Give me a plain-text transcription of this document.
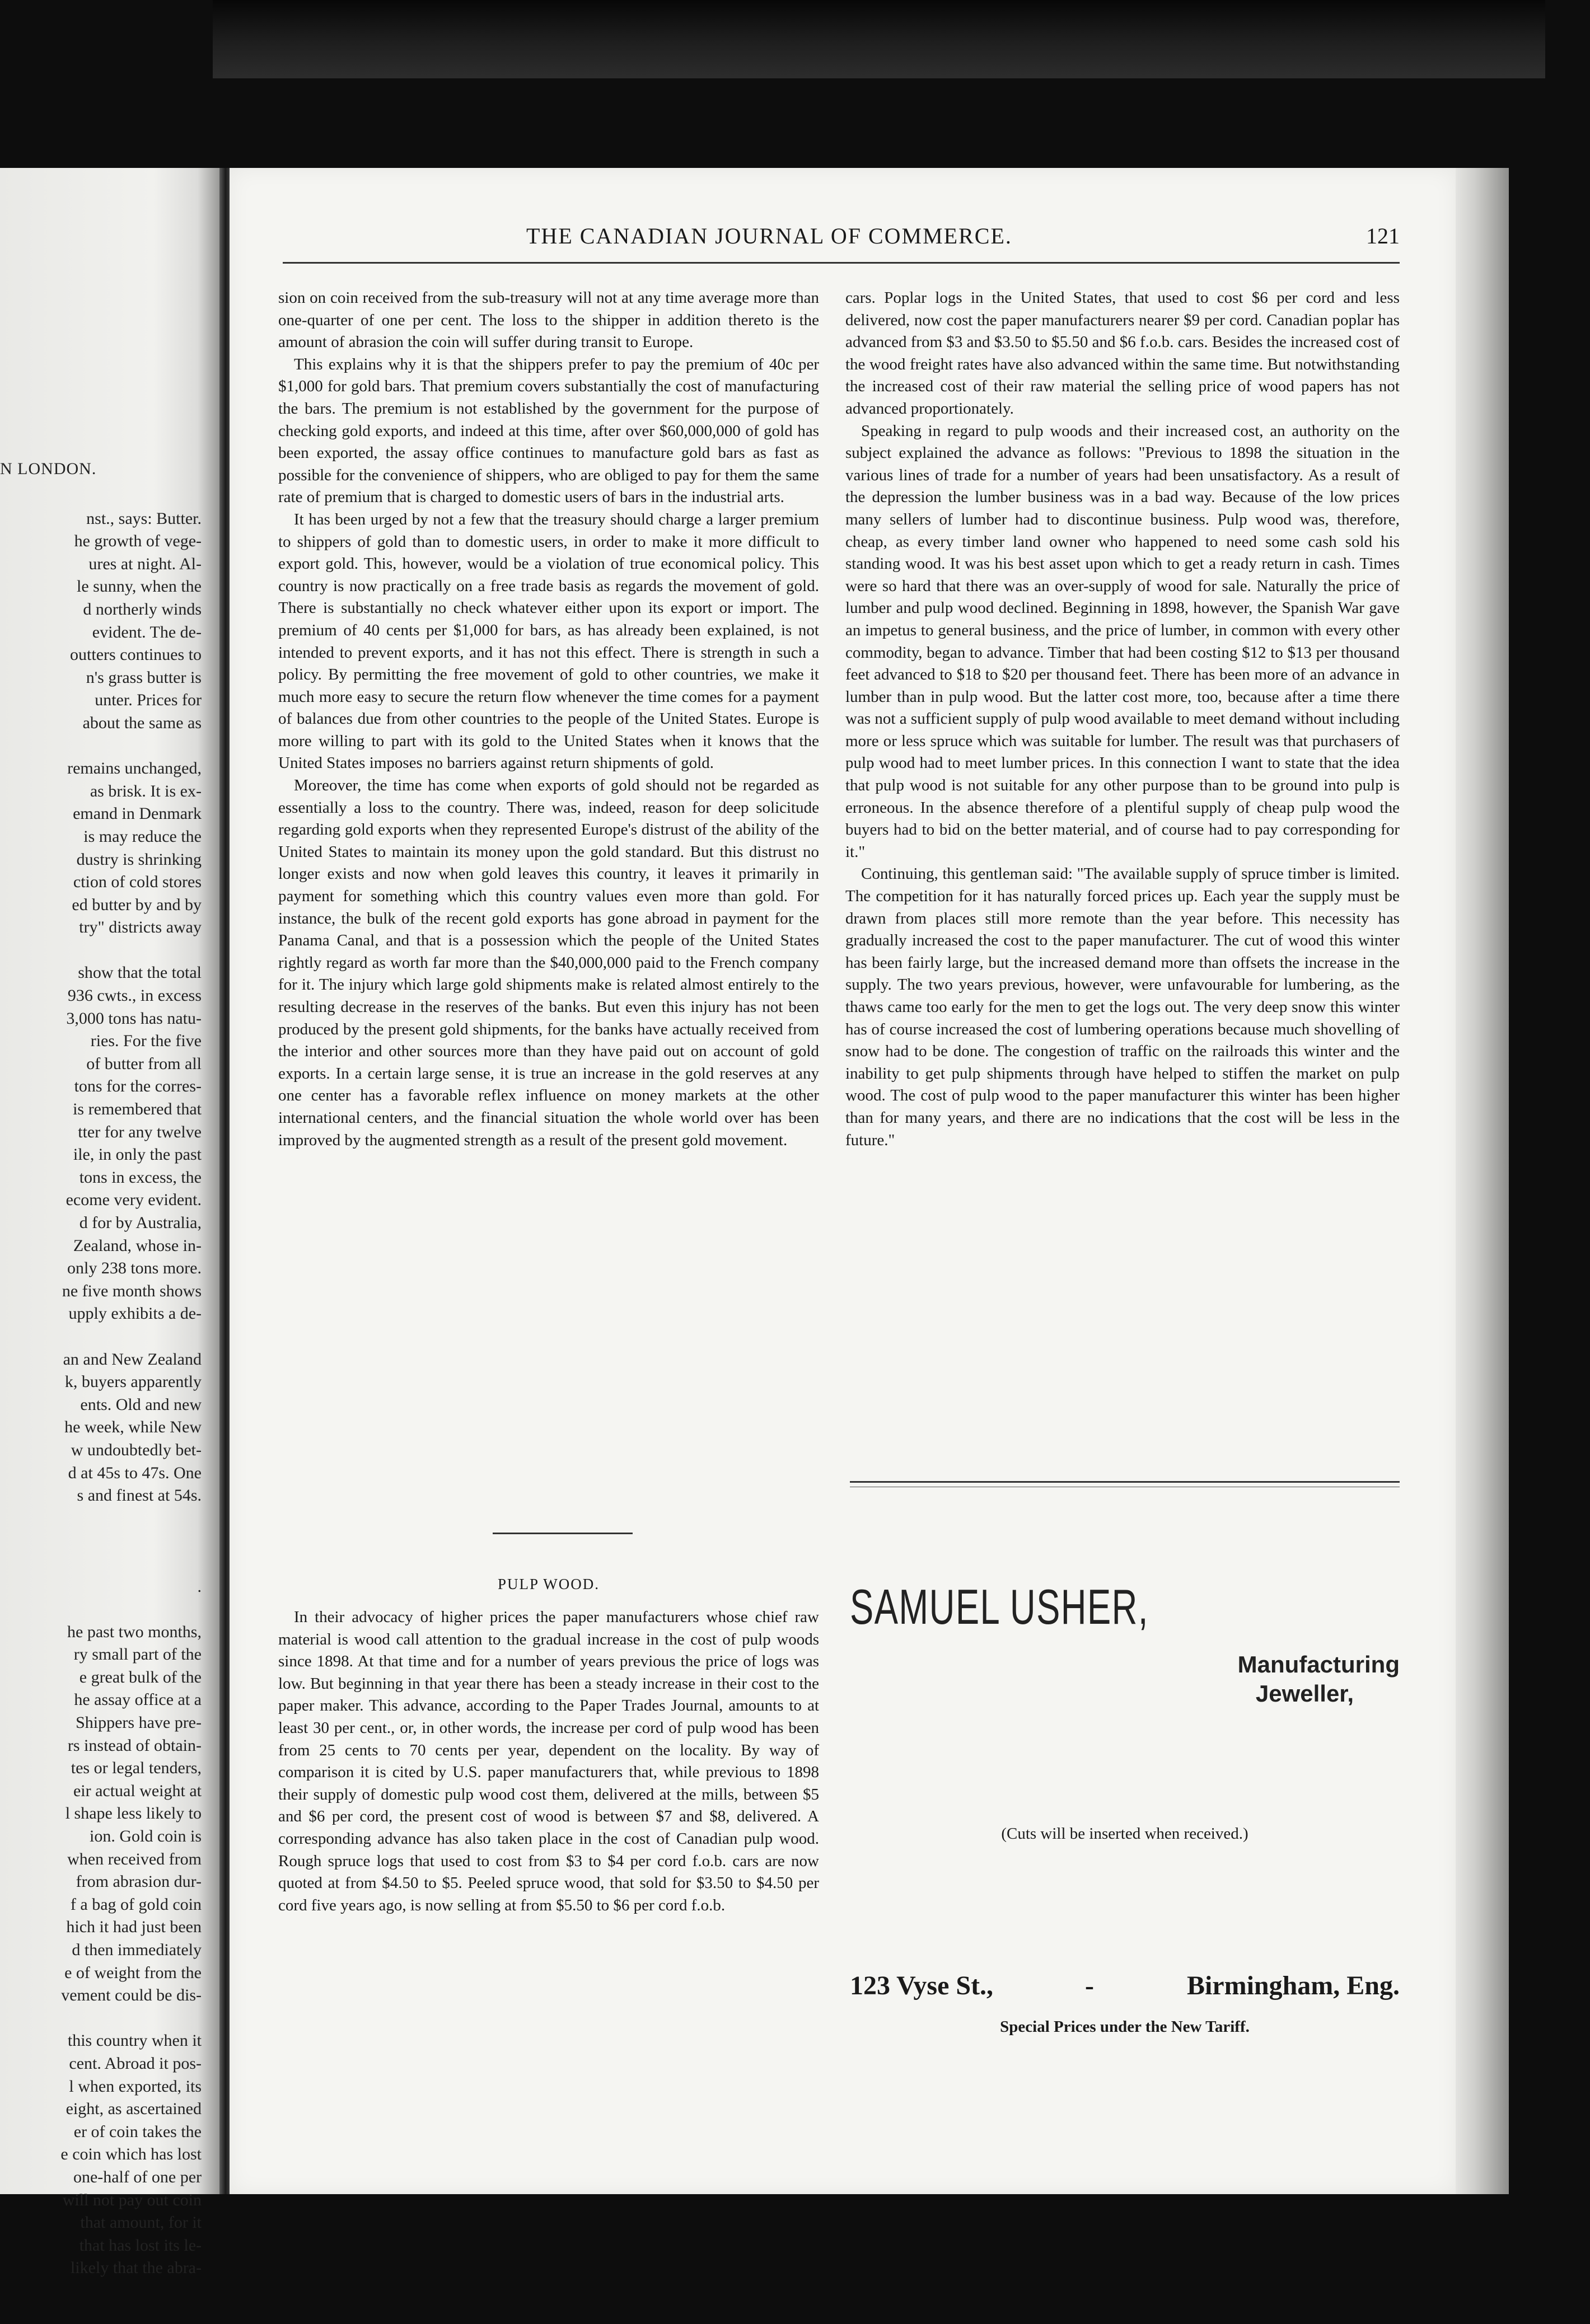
N LONDON.
nst., says: Butter.
he growth of vege-
ures at night. Al-
le sunny, when the
d northerly winds
evident. The de-
outters continues to
n's grass butter is
unter. Prices for
about the same as
remains unchanged,
as brisk. It is ex-
emand in Denmark
is may reduce the
dustry is shrinking
ction of cold stores
ed butter by and by
try" districts away
show that the total
936 cwts., in excess
3,000 tons has natu-
ries. For the five
of butter from all
tons for the corres-
is remembered that
tter for any twelve
ile, in only the past
tons in excess, the
ecome very evident.
d for by Australia,
Zealand, whose in-
only 238 tons more.
ne five month shows
upply exhibits a de-
an and New Zealand
k, buyers apparently
ents. Old and new
he week, while New
w undoubtedly bet-
d at 45s to 47s. One
s and finest at 54s.
.
he past two months,
ry small part of the
e great bulk of the
he assay office at a
Shippers have pre-
rs instead of obtain-
tes or legal tenders,
eir actual weight at
l shape less likely to
ion. Gold coin is
when received from
from abrasion dur-
f a bag of gold coin
hich it had just been
d then immediately
e of weight from the
vement could be dis-
this country when it
cent. Abroad it pos-
l when exported, its
eight, as ascertained
er of coin takes the
e coin which has lost
one-half of one per
will not pay out coin
that amount, for it
that has lost its le-
likely that the abra-
THE CANADIAN JOURNAL OF COMMERCE.	121

sion on coin received from the sub-treasury will not at any time average more than one-quarter of one per cent. The loss to the shipper in addition thereto is the amount of abrasion the coin will suffer during transit to Europe.

This explains why it is that the shippers prefer to pay the premium of 40c per $1,000 for gold bars. That premium covers substantially the cost of manufacturing the bars. The premium is not established by the government for the purpose of checking gold exports, and indeed at this time, after over $60,000,000 of gold has been exported, the assay office continues to manufacture gold bars as fast as possible for the convenience of shippers, who are obliged to pay for them the same rate of premium that is charged to domestic users of bars in the industrial arts.

It has been urged by not a few that the treasury should charge a larger premium to shippers of gold than to domestic users, in order to make it more difficult to export gold. This, however, would be a violation of true economical policy. This country is now practically on a free trade basis as regards the movement of gold. There is substantially no check whatever either upon its export or import. The premium of 40 cents per $1,000 for bars, as has already been explained, is not intended to prevent exports, and it has not this effect. There is strength in such a policy. By permitting the free movement of gold to other countries, we make it much more easy to secure the return flow whenever the time comes for a payment of balances due from other countries to the people of the United States. Europe is more willing to part with its gold to the United States when it knows that the United States imposes no barriers against return shipments of gold.

Moreover, the time has come when exports of gold should not be regarded as essentially a loss to the country. There was, indeed, reason for deep solicitude regarding gold exports when they represented Europe's distrust of the ability of the United States to maintain its money upon the gold standard. But this distrust no longer exists and now when gold leaves this country, it leaves it primarily in payment for something which this country values even more than gold. For instance, the bulk of the recent gold exports has gone abroad in payment for the Panama Canal, and that is a possession which the people of the United States rightly regard as worth far more than the $40,000,000 paid to the French company for it. The injury which large gold shipments make is related almost entirely to the resulting decrease in the reserves of the banks. But even this injury has not been produced by the present gold shipments, for the banks have actually received from the interior and other sources more than they have paid out on account of gold exports. In a certain large sense, it is true an increase in the gold reserves at any one center has a favorable reflex influence on money markets at the other international centers, and the financial situation the whole world over has been improved by the augmented strength as a result of the present gold movement.

PULP WOOD.

In their advocacy of higher prices the paper manufacturers whose chief raw material is wood call attention to the gradual increase in the cost of pulp woods since 1898. At that time and for a number of years previous the price of logs was low. But beginning in that year there has been a steady increase in their cost to the paper maker. This advance, according to the Paper Trades Journal, amounts to at least 30 per cent., or, in other words, the increase per cord of pulp wood has been from 25 cents to 70 cents per year, dependent on the locality. By way of comparison it is cited by U.S. paper manufacturers that, while previous to 1898 their supply of domestic pulp wood cost them, delivered at the mills, between $5 and $6 per cord, the present cost of wood is between $7 and $8, delivered. A corresponding advance has also taken place in the cost of Canadian pulp wood. Rough spruce logs that used to cost from $3 to $4 per cord f.o.b. cars are now quoted at from $4.50 to $5. Peeled spruce wood, that sold for $3.50 to $4.50 per cord five years ago, is now selling at from $5.50 to $6 per cord f.o.b.

cars. Poplar logs in the United States, that used to cost $6 per cord and less delivered, now cost the paper manufacturers nearer $9 per cord. Canadian poplar has advanced from $3 and $3.50 to $5.50 and $6 f.o.b. cars. Besides the increased cost of the wood freight rates have also advanced within the same time. But notwithstanding the increased cost of their raw material the selling price of wood papers has not advanced proportionately.

Speaking in regard to pulp woods and their increased cost, an authority on the subject explained the advance as follows: "Previous to 1898 the situation in the various lines of trade for a number of years had been unsatisfactory. As a result of the depression the lumber business was in a bad way. Because of the low prices many sellers of lumber had to discontinue business. Pulp wood was, therefore, cheap, as every timber land owner who happened to need some cash sold his standing wood. It was his best asset upon which to get a ready return in cash. Times were so hard that there was an over-supply of wood for sale. Naturally the price of lumber and pulp wood declined. Beginning in 1898, however, the Spanish War gave an impetus to general business, and the price of lumber, in common with every other commodity, began to advance. Timber that had been costing $12 to $13 per thousand feet advanced to $18 to $20 per thousand feet. There has been more of an advance in lumber than in pulp wood. But the latter cost more, too, because after a time there was not a sufficient supply of pulp wood available to meet demand without including more or less spruce which was suitable for lumber. The result was that purchasers of pulp wood had to meet lumber prices. In this connection I want to state that the idea that pulp wood is not suitable for any other purpose than to be ground into pulp is erroneous. In the absence therefore of a plentiful supply of cheap pulp wood the buyers had to bid on the better material, and of course had to pay corresponding for it."

Continuing, this gentleman said: "The available supply of spruce timber is limited. The competition for it has naturally forced prices up. Each year the supply must be drawn from places still more remote than the year before. This necessity has gradually increased the cost to the paper manufacturer. The cut of wood this winter has been fairly large, but the increased demand more than offsets the increase in the supply. The two years previous, however, were unfavourable for lumbering, as the thaws came too early for the men to get the logs out. The very deep snow this winter has of course increased the cost of lumbering operations because much shovelling of snow had to be done. The congestion of traffic on the railroads this winter and the inability to get pulp shipments through have helped to stiffen the market on pulp wood. The cost of pulp wood to the paper manufacturer this winter has been higher than for many years, and there are no indications that the cost will be less in the future."

SAMUEL USHER,
Manufacturing
Jeweller,
(Cuts will be inserted when received.)
123 Vyse St.,	-	Birmingham, Eng.
Special Prices under the New Tariff.
